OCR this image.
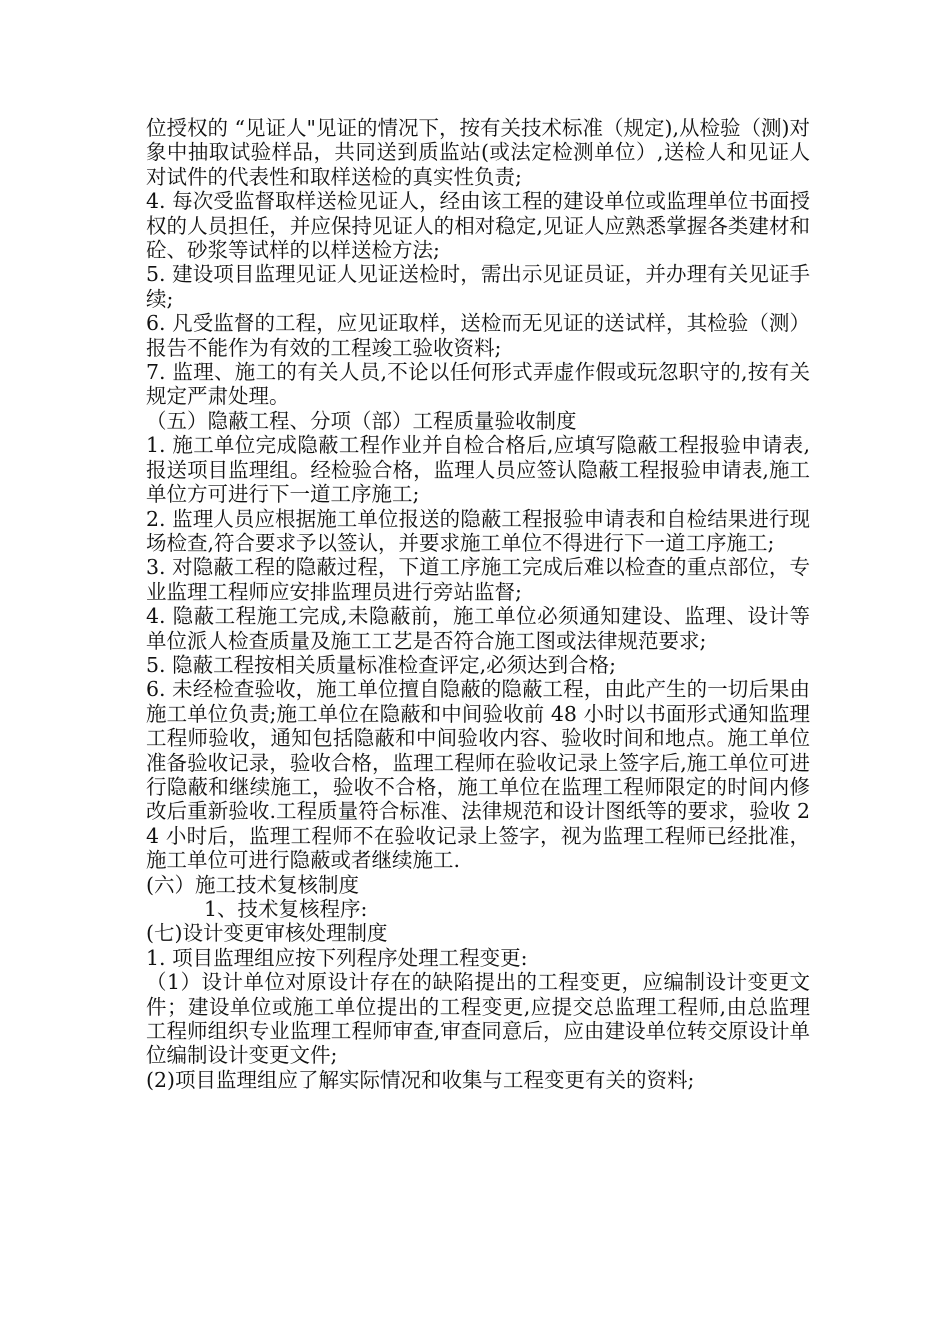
位授权的 “见证人"见证的情况下，按有关技术标准（规定),从检验（测)对象中抽取试验样品，共同送到质监站(或法定检测单位）,送检人和见证人对试件的代表性和取样送检的真实性负责;

4. 每次受监督取样送检见证人，经由该工程的建设单位或监理单位书面授权的人员担任，并应保持见证人的相对稳定,见证人应熟悉掌握各类建材和砼、砂浆等试样的以样送检方法;

5. 建设项目监理见证人见证送检时，需出示见证员证，并办理有关见证手续;

6. 凡受监督的工程，应见证取样，送检而无见证的送试样，其检验（测）报告不能作为有效的工程竣工验收资料;

7. 监理、施工的有关人员,不论以任何形式弄虚作假或玩忽职守的,按有关规定严肃处理。

（五）隐蔽工程、分项（部）工程质量验收制度

1. 施工单位完成隐蔽工程作业并自检合格后,应填写隐蔽工程报验申请表,报送项目监理组。经检验合格，监理人员应签认隐蔽工程报验申请表,施工单位方可进行下一道工序施工;

2. 监理人员应根据施工单位报送的隐蔽工程报验申请表和自检结果进行现场检查,符合要求予以签认，并要求施工单位不得进行下一道工序施工;

3. 对隐蔽工程的隐蔽过程，下道工序施工完成后难以检查的重点部位，专业监理工程师应安排监理员进行旁站监督;

4. 隐蔽工程施工完成,未隐蔽前，施工单位必须通知建设、监理、设计等单位派人检查质量及施工工艺是否符合施工图或法律规范要求;

5. 隐蔽工程按相关质量标准检查评定,必须达到合格;

6. 未经检查验收，施工单位擅自隐蔽的隐蔽工程，由此产生的一切后果由施工单位负责;施工单位在隐蔽和中间验收前 48 小时以书面形式通知监理工程师验收，通知包括隐蔽和中间验收内容、验收时间和地点。施工单位准备验收记录，验收合格，监理工程师在验收记录上签字后,施工单位可进行隐蔽和继续施工，验收不合格，施工单位在监理工程师限定的时间内修改后重新验收.工程质量符合标准、法律规范和设计图纸等的要求，验收 24 小时后，监理工程师不在验收记录上签字，视为监理工程师已经批准，施工单位可进行隐蔽或者继续施工.

(六）施工技术复核制度

1、技术复核程序:

(七)设计变更审核处理制度

1. 项目监理组应按下列程序处理工程变更:

（1）设计单位对原设计存在的缺陷提出的工程变更，应编制设计变更文件；建设单位或施工单位提出的工程变更,应提交总监理工程师,由总监理工程师组织专业监理工程师审查,审查同意后，应由建设单位转交原设计单位编制设计变更文件;

(2)项目监理组应了解实际情况和收集与工程变更有关的资料;
